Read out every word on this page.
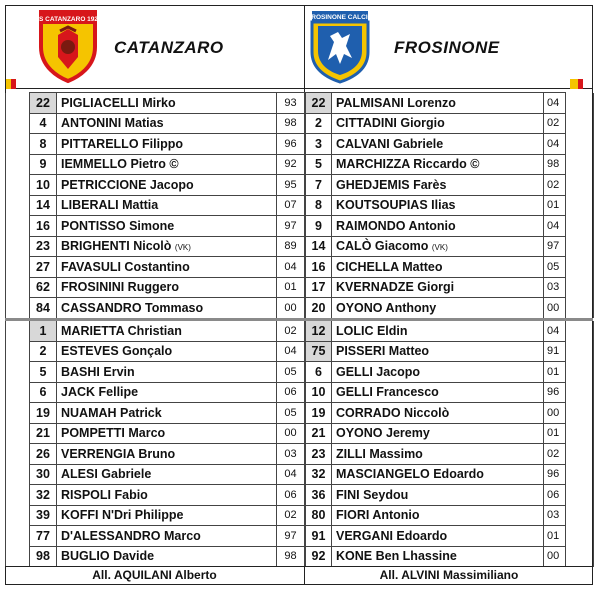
US CATANZARO 1929
CATANZARO
FROSINONE CALCIO
FROSINONE
	22	PIGLIACELLI Mirko	93
	4	ANTONINI Matias	98
	8	PITTARELLO Filippo	96
	9	IEMMELLO Pietro ©	92
	10	PETRICCIONE Jacopo	95
	14	LIBERALI Mattia	07
	16	PONTISSO Simone	97
	23	BRIGHENTI Nicolò (VK)	89
	27	FAVASULI Costantino	04
	62	FROSININI Ruggero	01
	84	CASSANDRO Tommaso	00
	1	MARIETTA Christian	02
	2	ESTEVES Gonçalo	04
	5	BASHI Ervin	05
	6	JACK Fellipe	06
	19	NUAMAH Patrick	05
	21	POMPETTI Marco	00
	26	VERRENGIA Bruno	03
	30	ALESI Gabriele	04
	32	RISPOLI Fabio	06
	39	KOFFI N'Dri Philippe	02
	77	D'ALESSANDRO Marco	97
	98	BUGLIO Davide	98
22	PALMISANI Lorenzo	04	
2	CITTADINI Giorgio	02	
3	CALVANI Gabriele	04	
5	MARCHIZZA Riccardo ©	98	
7	GHEDJEMIS Farès	02	
8	KOUTSOUPIAS Ilias	01	
9	RAIMONDO Antonio	04	
14	CALÒ Giacomo (VK)	97	
16	CICHELLA Matteo	05	
17	KVERNADZE Giorgi	03	
20	OYONO Anthony	00	
12	LOLIC Eldin	04	
75	PISSERI Matteo	91	
6	GELLI Jacopo	01	
10	GELLI Francesco	96	
19	CORRADO Niccolò	00	
21	OYONO Jeremy	01	
23	ZILLI Massimo	02	
32	MASCIANGELO Edoardo	96	
36	FINI Seydou	06	
80	FIORI Antonio	03	
91	VERGANI Edoardo	01	
92	KONE Ben Lhassine	00	
All. AQUILANI Alberto	All. ALVINI Massimiliano
